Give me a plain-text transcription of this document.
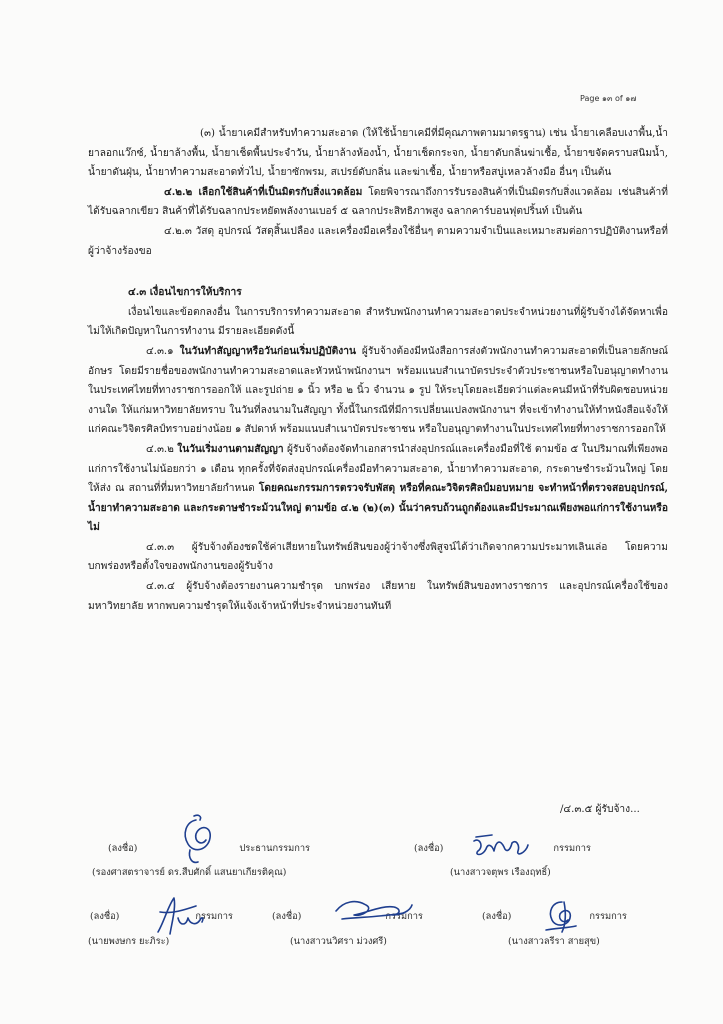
Page ๑๓ of ๑๗

(๓) น้ำยาเคมีสำหรับทำความสะอาด (ให้ใช้น้ำยาเคมีที่มีคุณภาพตามมาตรฐาน) เช่น น้ำยาเคลือบเงาพื้น,น้ำยาลอกแว๊กซ์, น้ำยาล้างพื้น, น้ำยาเช็ดพื้นประจำวัน, น้ำยาล้างห้องน้ำ, น้ำยาเช็ดกระจก, น้ำยาดับกลิ่นฆ่าเชื้อ, น้ำยาขจัดคราบสนิมน้ำ, น้ำยาดันฝุ่น, น้ำยาทำความสะอาดทั่วไป, น้ำยาซักพรม, สเปรย์ดับกลิ่น และฆ่าเชื้อ, น้ำยาหรือสบู่เหลวล้างมือ อื่นๆ เป็นต้น

๔.๒.๒ เลือกใช้สินค้าที่เป็นมิตรกับสิ่งแวดล้อม โดยพิจารณาถึงการรับรองสินค้าที่เป็นมิตรกับสิ่งแวดล้อม เช่นสินค้าที่ได้รับฉลากเขียว สินค้าที่ได้รับฉลากประหยัดพลังงานเบอร์ ๕ ฉลากประสิทธิภาพสูง ฉลากคาร์บอนฟุตปริ้นท์ เป็นต้น

๔.๒.๓ วัสดุ อุปกรณ์ วัสดุสิ้นเปลือง และเครื่องมือเครื่องใช้อื่นๆ ตามความจำเป็นและเหมาะสมต่อการปฏิบัติงานหรือที่ผู้ว่าจ้างร้องขอ

๔.๓ เงื่อนไขการให้บริการ

เงื่อนไขและข้อตกลงอื่น ในการบริการทำความสะอาด สำหรับพนักงานทำความสะอาดประจำหน่วยงานที่ผู้รับจ้างได้จัดหาเพื่อไม่ให้เกิดปัญหาในการทำงาน มีรายละเอียดดังนี้

๔.๓.๑ ในวันทำสัญญาหรือวันก่อนเริ่มปฏิบัติงาน ผู้รับจ้างต้องมีหนังสือการส่งตัวพนักงานทำความสะอาดที่เป็นลายลักษณ์อักษร โดยมีรายชื่อของพนักงานทำความสะอาดและหัวหน้าพนักงานฯ พร้อมแนบสำเนาบัตรประจำตัวประชาชนหรือใบอนุญาตทำงานในประเทศไทยที่ทางราชการออกให้ และรูปถ่าย ๑ นิ้ว หรือ ๒ นิ้ว จำนวน ๑ รูป ให้ระบุโดยละเอียดว่าแต่ละคนมีหน้าที่รับผิดชอบหน่วยงานใด ให้แก่มหาวิทยาลัยทราบ ในวันที่ลงนามในสัญญา ทั้งนี้ในกรณีที่มีการเปลี่ยนแปลงพนักงานฯ ที่จะเข้าทำงานให้ทำหนังสือแจ้งให้แก่คณะวิจิตรศิลป์ทราบอย่างน้อย ๑ สัปดาห์ พร้อมแนบสำเนาบัตรประชาชน หรือใบอนุญาตทำงานในประเทศไทยที่ทางราชการออกให้

๔.๓.๒ ในวันเริ่มงานตามสัญญา ผู้รับจ้างต้องจัดทำเอกสารนำส่งอุปกรณ์และเครื่องมือที่ใช้ ตามข้อ ๕ ในปริมาณที่เพียงพอแก่การใช้งานไม่น้อยกว่า ๑ เดือน ทุกครั้งที่จัดส่งอุปกรณ์เครื่องมือทำความสะอาด, น้ำยาทำความสะอาด, กระดาษชำระม้วนใหญ่ โดยให้ส่ง ณ สถานที่ที่มหาวิทยาลัยกำหนด โดยคณะกรรมการตรวจรับพัสดุ หรือที่คณะวิจิตรศิลป์มอบหมาย จะทำหน้าที่ตรวจสอบอุปกรณ์, น้ำยาทำความสะอาด และกระดาษชำระม้วนใหญ่ ตามข้อ ๔.๒ (๒)(๓) นั้นว่าครบถ้วนถูกต้องและมีประมาณเพียงพอแก่การใช้งานหรือไม่

๔.๓.๓ ผู้รับจ้างต้องชดใช้ค่าเสียหายในทรัพย์สินของผู้ว่าจ้างซึ่งพิสูจน์ได้ว่าเกิดจากความประมาทเลินเล่อ โดยความบกพร่องหรือตั้งใจของพนักงานของผู้รับจ้าง

๔.๓.๔ ผู้รับจ้างต้องรายงานความชำรุด บกพร่อง เสียหาย ในทรัพย์สินของทางราชการ และอุปกรณ์เครื่องใช้ของมหาวิทยาลัย หากพบความชำรุดให้แจ้งเจ้าหน้าที่ประจำหน่วยงานทันที

/๔.๓.๕ ผู้รับจ้าง...
(ลงชื่อ)	ประธานกรรมการ
(รองศาสตราจารย์ ดร.สืบศักดิ์ แสนยาเกียรติคุณ)
(ลงชื่อ)	กรรมการ
(นางสาวจตุพร เรืองฤทธิ์)
(ลงชื่อ)	กรรมการ
(นายพงษกร ยะภิระ)
(ลงชื่อ)	กรรมการ
(นางสาวนวิศรา ม่วงศรี)
(ลงชื่อ)	กรรมการ
(นางสาวลรีรา สายสุข)
